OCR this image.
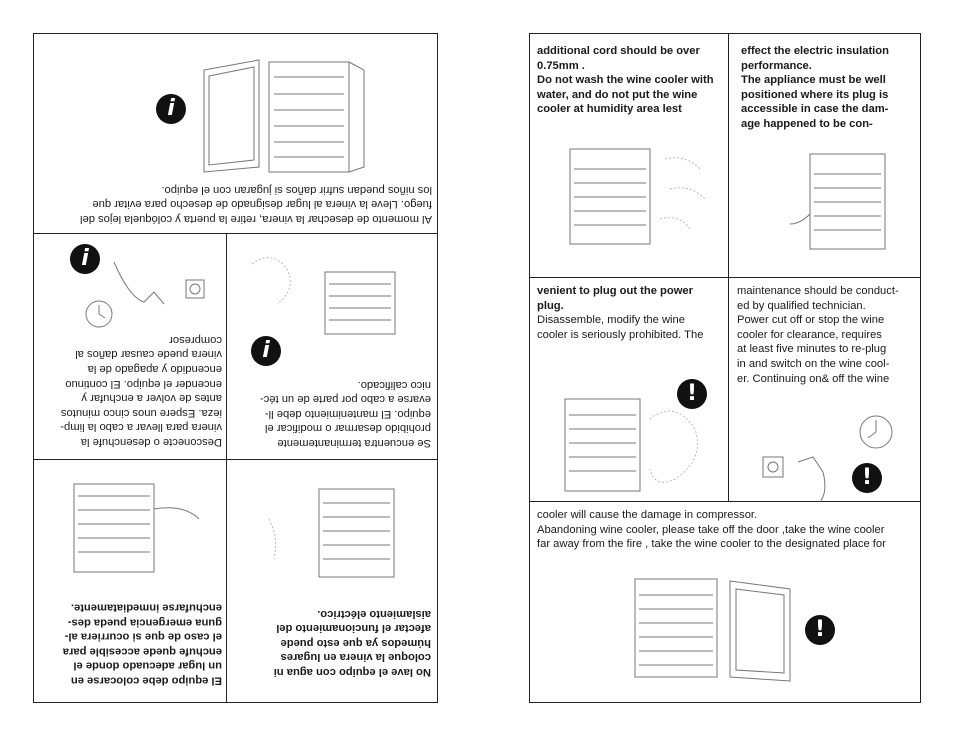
i

Al momento de desechar la vinera, retire la puerta y colóquela lejos del
fuego. Lleve la vinera al lugar designado de desecho para evitar que
los niños puedan sufrir daños si jugaran con el equipo.

i

Desconecte o desenchufe la
vinera para llevar a cabo la limp-
ieza. Espere unos cinco minutos
antes de volver a enchufar y
encender el equipo. El continuo
encendido y apagado de la
vinera puede causar daños al
compresor	i

Se encuentra terminantemente
prohibido desarmar o modificar el
equipo. El mantenimiento debe ll-
evarse a cabo por parte de un téc-
nico calificado.

El equipo debe colocarse en
un lugar adecuado donde el
enchufe quede accesible para
el caso de que si ocurriera al-
guna emergencia pueda des-
enchufarse inmediatamente.

No lave el equipo con agua ni
coloque la vinera en lugares
húmedos ya que esto puede
afectar el funcionamiento del
aislamiento eléctrico.

additional cord should be over
0.75mm .
Do not wash the wine cooler with
water, and do not put the wine
cooler at humidity area lest

effect the electric insulation
performance.
The appliance must be well
positioned where its plug is
accessible in case the dam-
age happened to be con-

venient to plug out the power
plug.

Disassemble, modify the wine
cooler is seriously prohibited. The

!

maintenance should be conduct-
ed by qualified technician.
Power cut off or stop the wine
cooler for clearance, requires
at least five minutes to re-plug
in and switch on the wine cool-
er. Continuing on& off the wine

!

cooler will cause the damage in compressor.
Abandoning wine cooler, please take off the door ,take the wine cooler
far away from the fire , take the wine cooler to the designated place for

!
